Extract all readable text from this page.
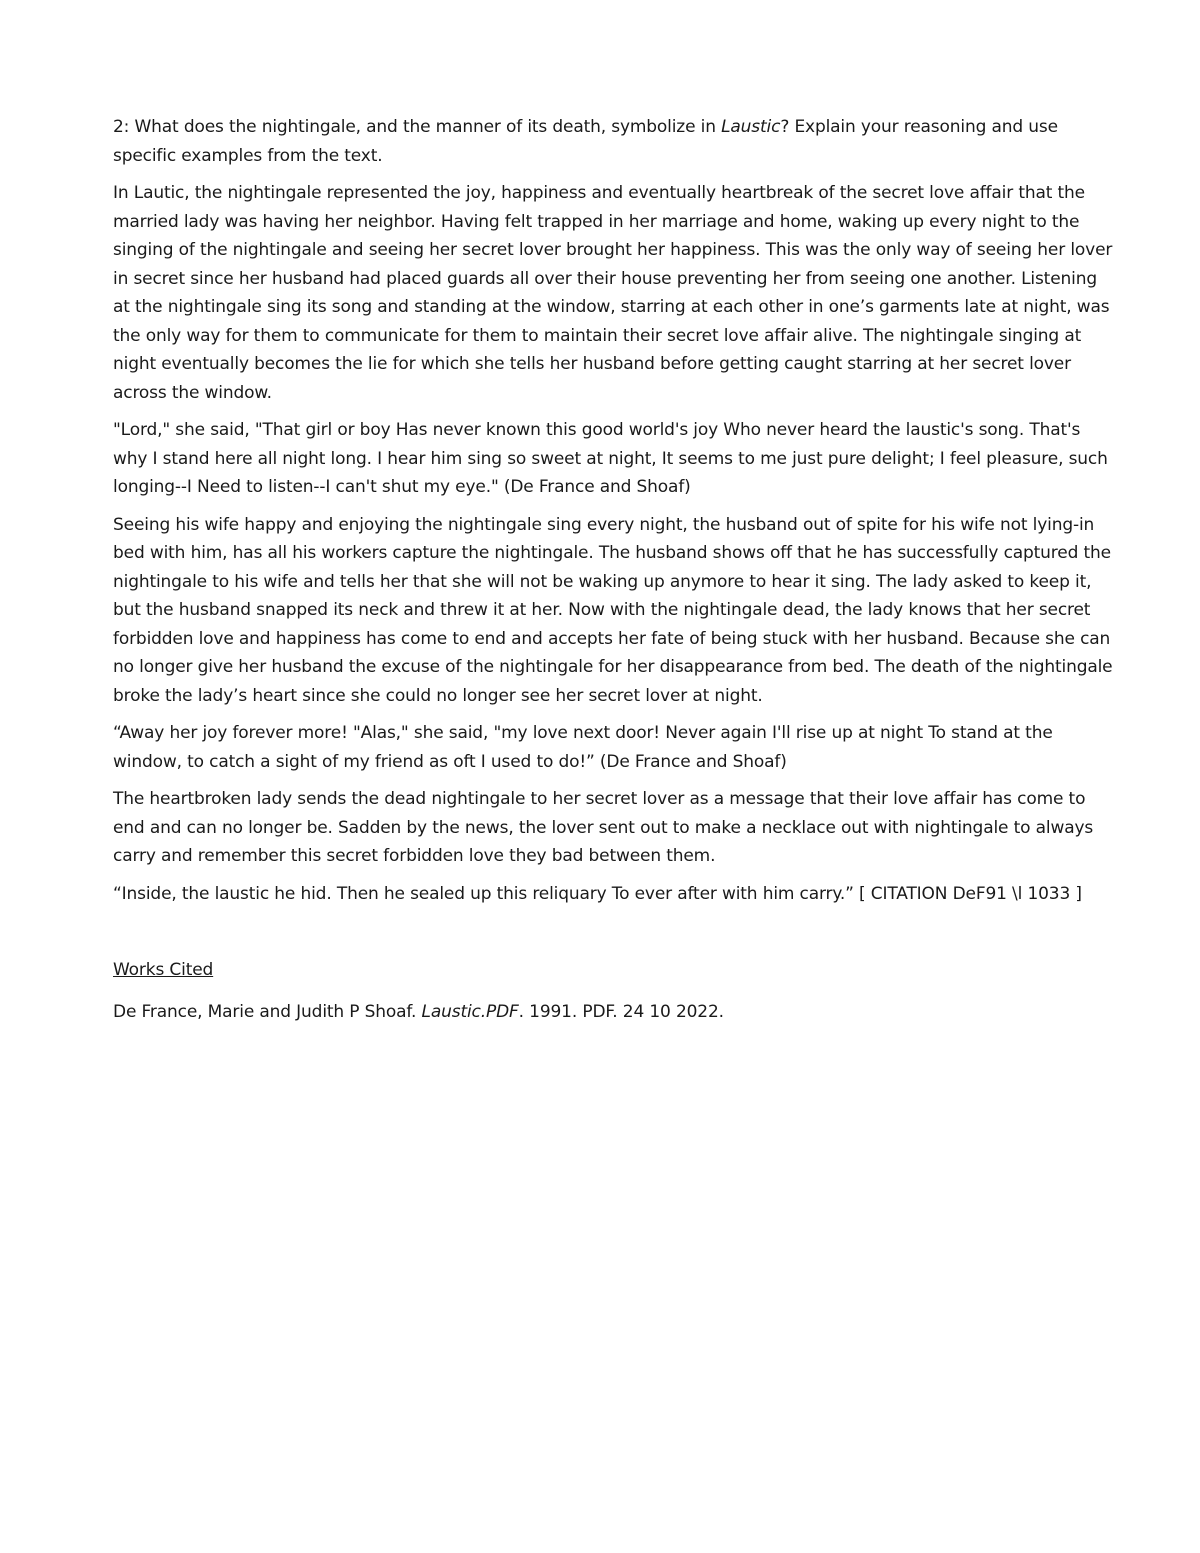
2: What does the nightingale, and the manner of its death, symbolize in Laustic? Explain your reasoning and use specific examples from the text.

In Lautic, the nightingale represented the joy, happiness and eventually heartbreak of the secret love affair that the married lady was having her neighbor. Having felt trapped in her marriage and home, waking up every night to the singing of the nightingale and seeing her secret lover brought her happiness. This was the only way of seeing her lover in secret since her husband had placed guards all over their house preventing her from seeing one another. Listening at the nightingale sing its song and standing at the window, starring at each other in one’s garments late at night, was the only way for them to communicate for them to maintain their secret love affair alive. The nightingale singing at night eventually becomes the lie for which she tells her husband before getting caught starring at her secret lover across the window.

"Lord," she said, "That girl or boy Has never known this good world's joy Who never heard the laustic's song. That's why I stand here all night long. I hear him sing so sweet at night, It seems to me just pure delight; I feel pleasure, such longing--I Need to listen--I can't shut my eye." (De France and Shoaf)

Seeing his wife happy and enjoying the nightingale sing every night, the husband out of spite for his wife not lying-in bed with him, has all his workers capture the nightingale. The husband shows off that he has successfully captured the nightingale to his wife and tells her that she will not be waking up anymore to hear it sing. The lady asked to keep it, but the husband snapped its neck and threw it at her. Now with the nightingale dead, the lady knows that her secret forbidden love and happiness has come to end and accepts her fate of being stuck with her husband. Because she can no longer give her husband the excuse of the nightingale for her disappearance from bed. The death of the nightingale broke the lady’s heart since she could no longer see her secret lover at night.

“Away her joy forever more! "Alas," she said, "my love next door! Never again I'll rise up at night To stand at the window, to catch a sight of my friend as oft I used to do!” (De France and Shoaf)

The heartbroken lady sends the dead nightingale to her secret lover as a message that their love affair has come to end and can no longer be. Sadden by the news, the lover sent out to make a necklace out with nightingale to always carry and remember this secret forbidden love they bad between them.

“Inside, the laustic he hid. Then he sealed up this reliquary To ever after with him carry.” [ CITATION DeF91 \l 1033 ]

Works Cited

De France, Marie and Judith P Shoaf. Laustic.PDF. 1991. PDF. 24 10 2022.
